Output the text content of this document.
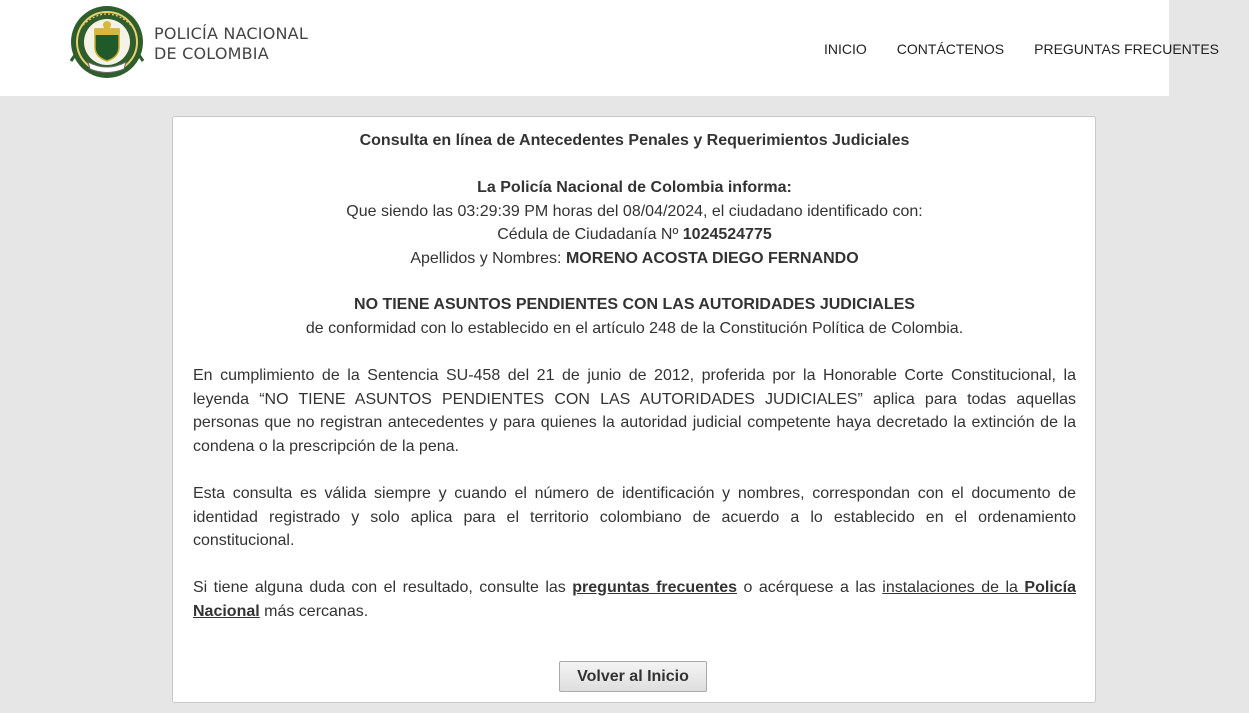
POLICÍA NACIONAL
DE COLOMBIA	INICIO CONTÁCTENOS PREGUNTAS FRECUENTES
Consulta en línea de Antecedentes Penales y Requerimientos Judiciales
La Policía Nacional de Colombia informa:
Que siendo las 03:29:39 PM horas del 08/04/2024, el ciudadano identificado con:
Cédula de Ciudadanía Nº 1024524775
Apellidos y Nombres: MORENO ACOSTA DIEGO FERNANDO
NO TIENE ASUNTOS PENDIENTES CON LAS AUTORIDADES JUDICIALES
de conformidad con lo establecido en el artículo 248 de la Constitución Política de Colombia.
En cumplimiento de la Sentencia SU-458 del 21 de junio de 2012, proferida por la Honorable Corte Constitucional, la leyenda “NO TIENE ASUNTOS PENDIENTES CON LAS AUTORIDADES JUDICIALES” aplica para todas aquellas personas que no registran antecedentes y para quienes la autoridad judicial competente haya decretado la extinción de la condena o la prescripción de la pena.
Esta consulta es válida siempre y cuando el número de identificación y nombres, correspondan con el documento de identidad registrado y solo aplica para el territorio colombiano de acuerdo a lo establecido en el ordenamiento constitucional.
Si tiene alguna duda con el resultado, consulte las preguntas frecuentes o acérquese a las instalaciones de la Policía Nacional más cercanas.
Volver al Inicio
